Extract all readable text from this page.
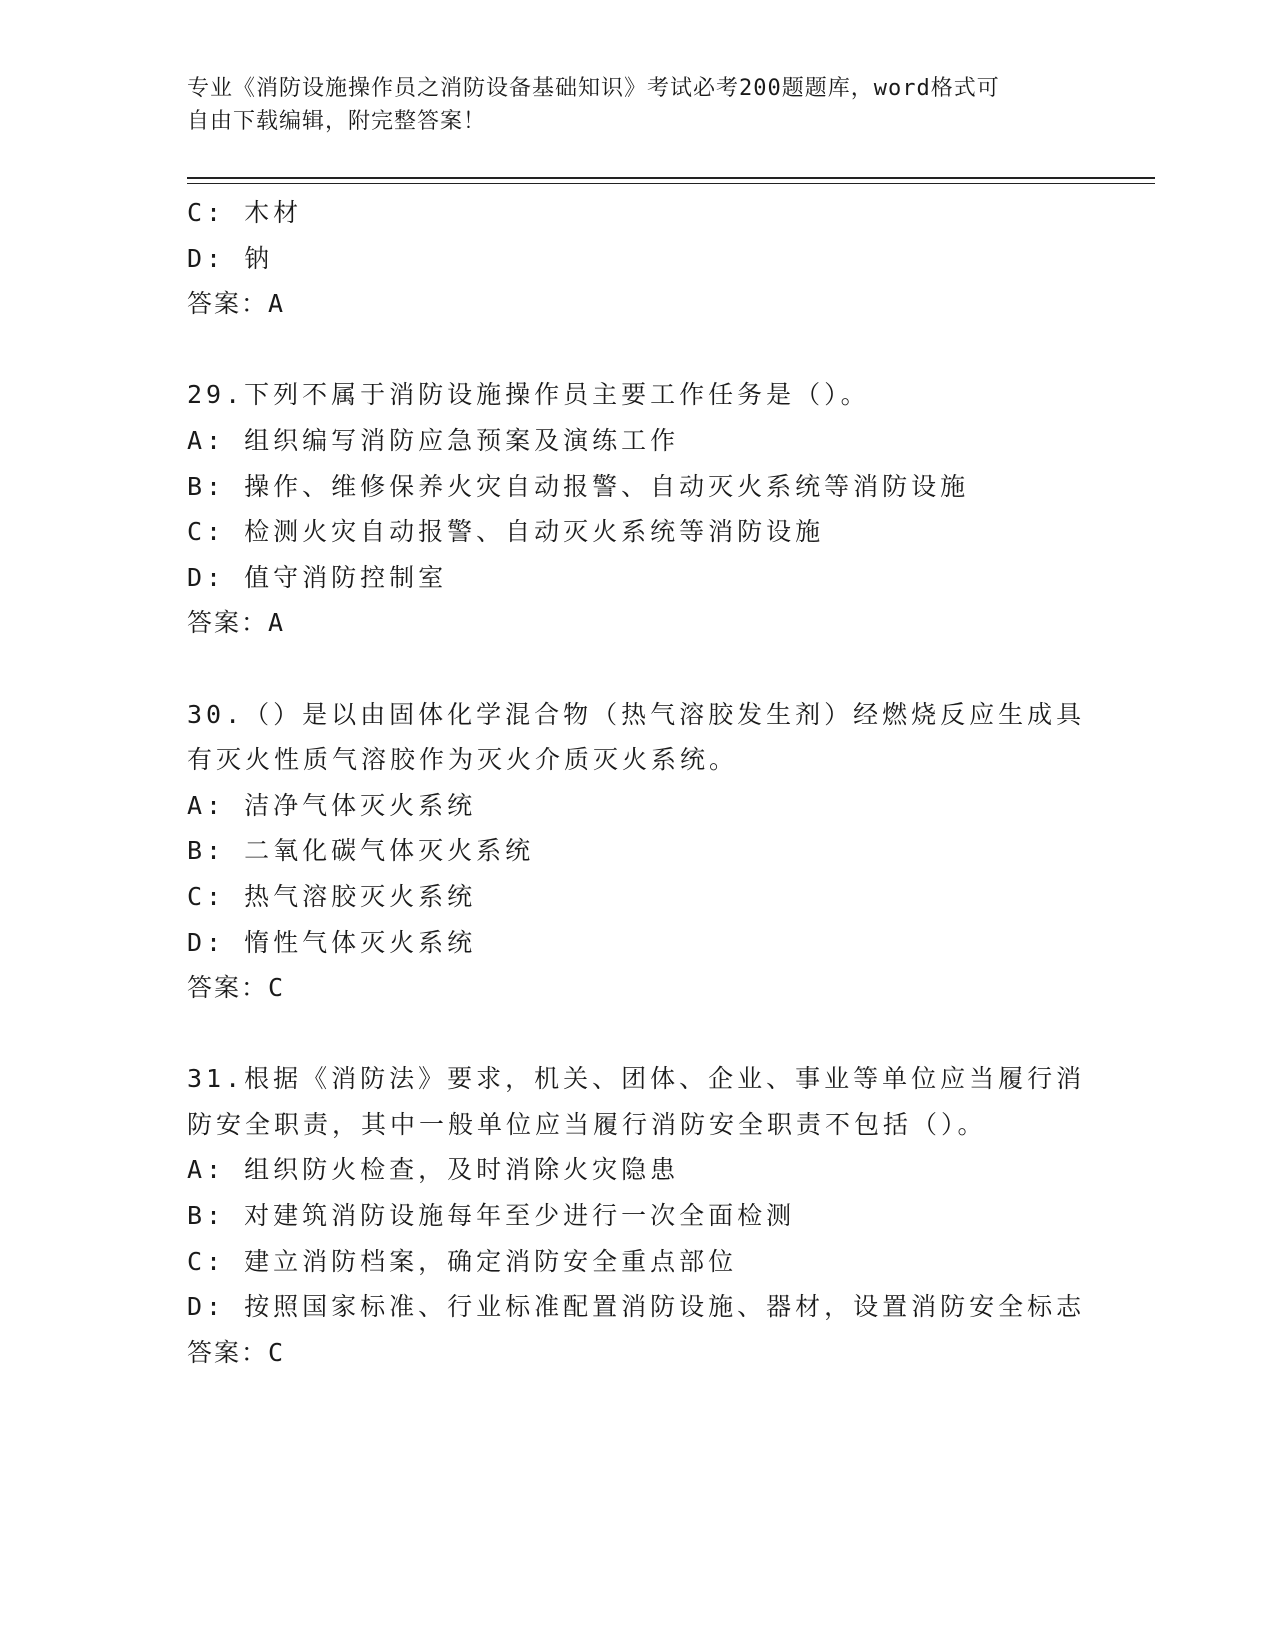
专业《消防设施操作员之消防设备基础知识》考试必考200题题库，word格式可
自由下载编辑，附完整答案！
C: 木材
D: 钠
答案：A
29.下列不属于消防设施操作员主要工作任务是（）。
A: 组织编写消防应急预案及演练工作
B: 操作、维修保养火灾自动报警、自动灭火系统等消防设施
C: 检测火灾自动报警、自动灭火系统等消防设施
D: 值守消防控制室
答案：A
30.（）是以由固体化学混合物（热气溶胶发生剂）经燃烧反应生成具
有灭火性质气溶胶作为灭火介质灭火系统。
A: 洁净气体灭火系统
B: 二氧化碳气体灭火系统
C: 热气溶胶灭火系统
D: 惰性气体灭火系统
答案：C
31.根据《消防法》要求，机关、团体、企业、事业等单位应当履行消
防安全职责，其中一般单位应当履行消防安全职责不包括（）。
A: 组织防火检查，及时消除火灾隐患
B: 对建筑消防设施每年至少进行一次全面检测
C: 建立消防档案，确定消防安全重点部位
D: 按照国家标准、行业标准配置消防设施、器材，设置消防安全标志
答案：C
